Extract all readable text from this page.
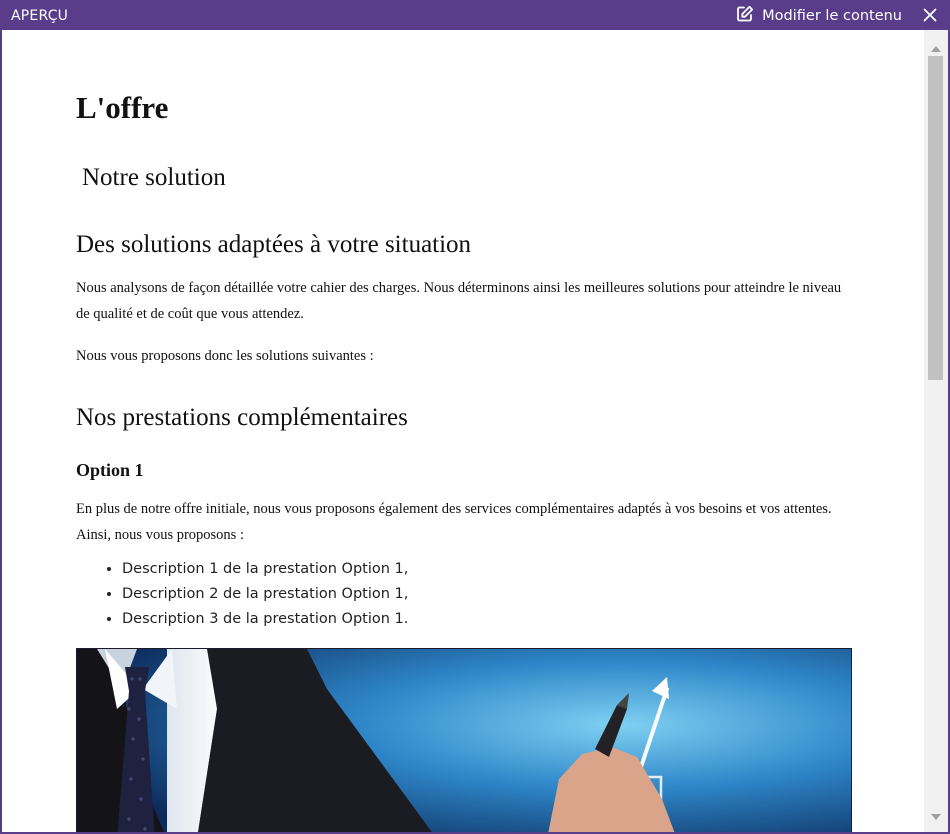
APERÇU	Modifier le contenu
L'offre
Notre solution
Des solutions adaptées à votre situation

Nous analysons de façon détaillée votre cahier des charges. Nous déterminons ainsi les meilleures solutions pour atteindre le niveau de qualité et de coût que vous attendez.

Nous vous proposons donc les solutions suivantes :

Nos prestations complémentaires
Option 1

En plus de notre offre initiale, nous vous proposons également des services complémentaires adaptés à vos besoins et vos attentes. Ainsi, nous vous proposons :

• Description 1 de la prestation Option 1,
• Description 2 de la prestation Option 1,
• Description 3 de la prestation Option 1.
